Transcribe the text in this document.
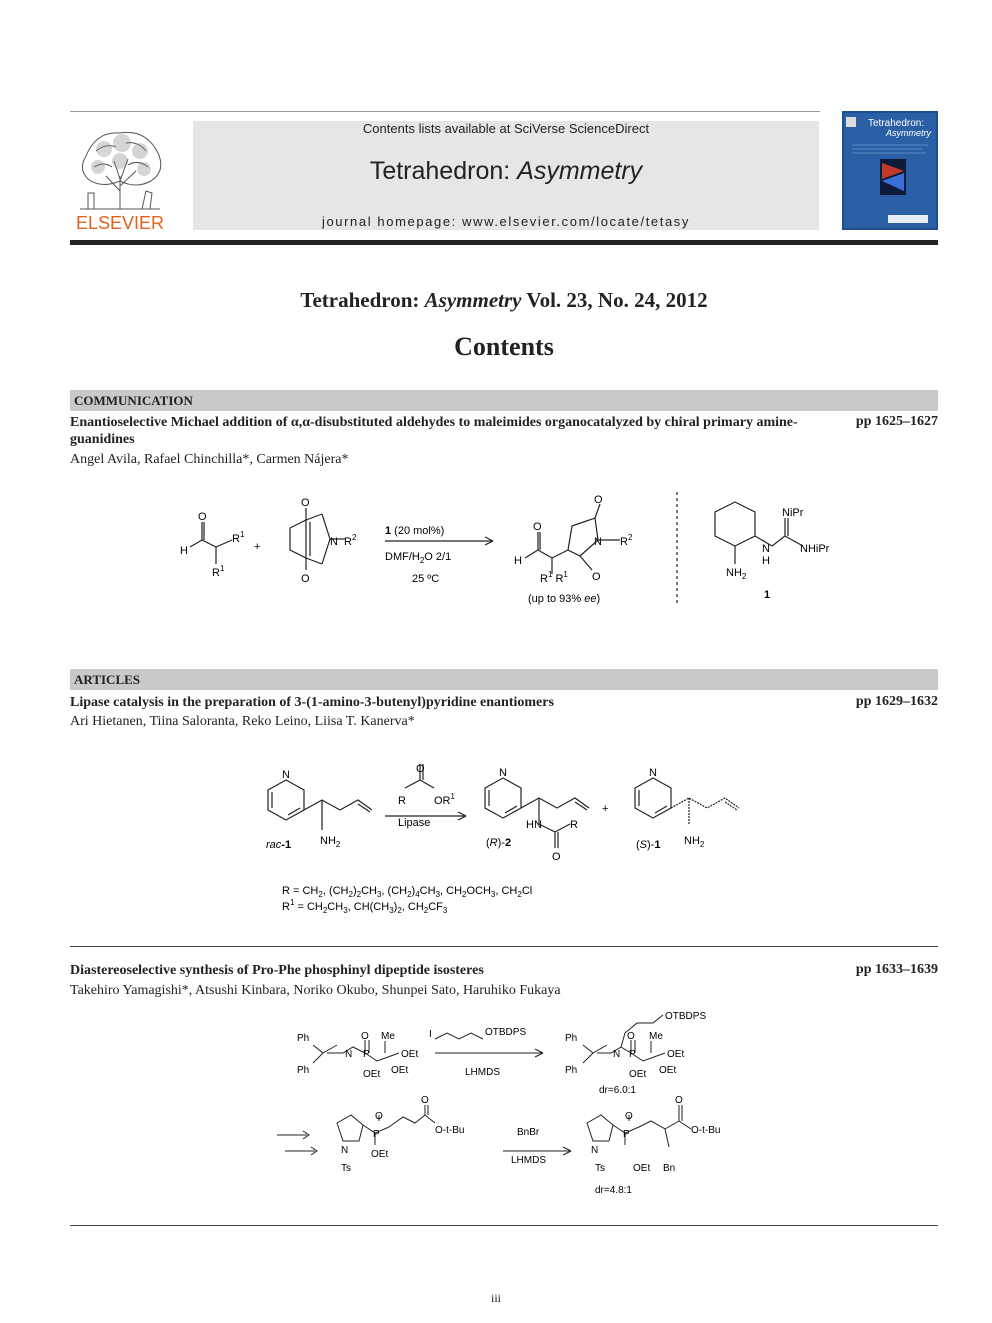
ELSEVIER
Contents lists available at SciVerse ScienceDirect
Tetrahedron: Asymmetry
journal homepage: www.elsevier.com/locate/tetasy
Tetrahedron:
Asymmetry
Tetrahedron: Asymmetry Vol. 23, No. 24, 2012
Contents
COMMUNICATION
Enantioselective Michael addition of α,α-disubstituted aldehydes to maleimides organocatalyzed by chiral primary amine-guanidines
pp 1625–1627
Angel Avila, Rafael Chinchilla*, Carmen Nájera*
H
O
$R^1$
$R^1$
+
O
O
N $R^2$
1 (20 mol%)
DMF/$H_2O$ 2/1
25 ºC
H
O
$R^1$ $R^1$
O
N $R^2$
O
(up to 93% ee)
NiPr
N
H
NHiPr
$NH_2$
1
ARTICLES
Lipase catalysis in the preparation of 3-(1-amino-3-butenyl)pyridine enantiomers	pp 1629–1632
Ari Hietanen, Tiina Saloranta, Reko Leino, Liisa T. Kanerva*
N
$NH_2$
rac-1
R	$OR^1$
O
Lipase
N
HN	R
O
(R)-2
+
N
$NH_2$
(S)-1
$R = CH_2$, $(CH_2)_2CH_3$, $(CH_2)_4CH_3$, $CH_2OCH_3$, $CH_2Cl$
$R^1 = CH_2CH_3$, $CH(CH_3)_2$, $CH_2CF_3$
Diastereoselective synthesis of Pro-Phe phosphinyl dipeptide isosteres	pp 1633–1639
Takehiro Yamagishi*, Atsushi Kinbara, Noriko Okubo, Shunpei Sato, Haruhiko Fukaya
Ph
Ph
N
O
P
Me
OEt
OEt OEt
I	OTBDPS
LHMDS
Ph
Ph
N
OTBDPS
O
P
Me
OEt
OEt OEt
dr=6.0:1
N
Ts
P
O
OEt
O
O-t-Bu	BnBr
LHMDS
N
Ts
P
O
OEt Bn
O
O-t-Bu
dr=4.8:1
iii
